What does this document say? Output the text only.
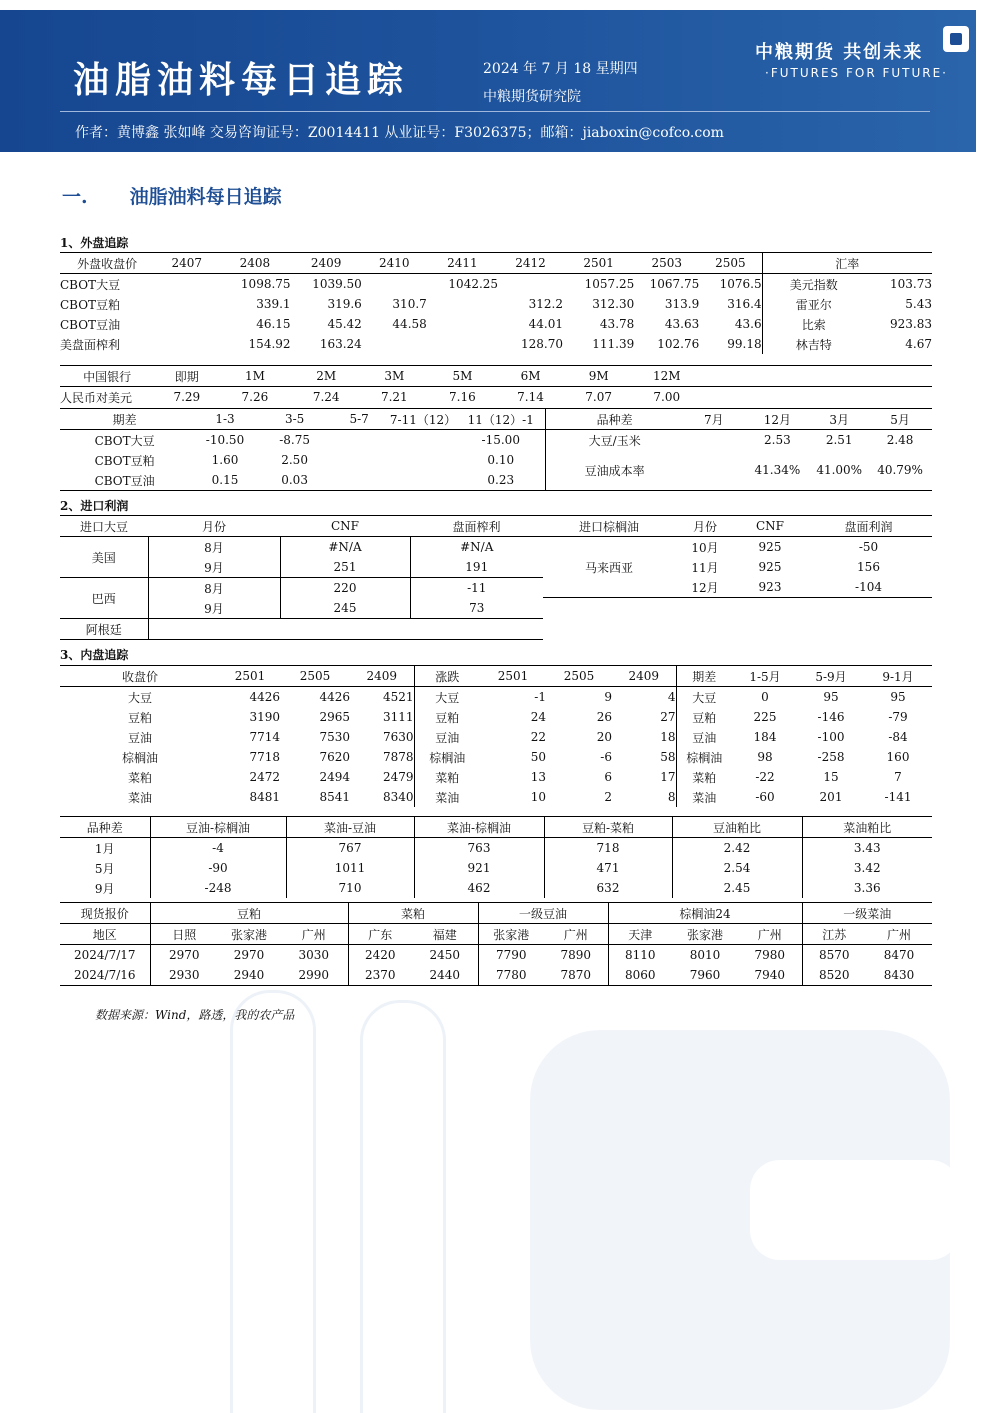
油脂油料每日追踪	2024 年 7 月 18 星期四
中粮期货研究院
中粮期货 共创未来
·FUTURES FOR FUTURE·
作者：黄博鑫 张如峰 交易咨询证号：Z0014411 从业证号：F3026375；邮箱：jiaboxin@cofco.com
一. 油脂油料每日追踪
1、外盘追踪
外盘收盘价	2407	2408	2409	2410	2411	2412	2501	2503	2505	汇率	
CBOT大豆		1098.75	1039.50		1042.25		1057.25	1067.75	1076.5	美元指数	103.73
CBOT豆粕		339.1	319.6	310.7		312.2	312.30	313.9	316.4	雷亚尔	5.43
CBOT豆油		46.15	45.42	44.58		44.01	43.78	43.63	43.6	比索	923.83
美盘面榨利		154.92	163.24			128.70	111.39	102.76	99.18	林吉特	4.67
中国银行	即期	1M	2M	3M	5M	6M	9M	12M	
人民币对美元	7.29	7.26	7.24	7.21	7.16	7.14	7.07	7.00	
期差	1-3	3-5	5-7	7-11（12）	11（12）-1	品种差	7月	12月	3月	5月
CBOT大豆	-10.50	-8.75			-15.00	大豆/玉米		2.53	2.51	2.48
CBOT豆粕	1.60	2.50			0.10	豆油成本率		41.34%	41.00%	40.79%
CBOT豆油	0.15	0.03			0.23					
2、进口利润
进口大豆	月份	CNF	盘面榨利
美国	8月	#N/A	#N/A
	9月	251	191
巴西	8月	220	-11
	9月	245	73
阿根廷			
进口棕榈油	月份	CNF	盘面利润
马来西亚	10月	925	-50
	11月	925	156
	12月	923	-104
3、内盘追踪
收盘价	2501	2505	2409	涨跌	2501	2505	2409	期差	1-5月	5-9月	9-1月
大豆	4426	4426	4521	大豆	-1	9	4	大豆	0	95	95
豆粕	3190	2965	3111	豆粕	24	26	27	豆粕	225	-146	-79
豆油	7714	7530	7630	豆油	22	20	18	豆油	184	-100	-84
棕榈油	7718	7620	7878	棕榈油	50	-6	58	棕榈油	98	-258	160
菜粕	2472	2494	2479	菜粕	13	6	17	菜粕	-22	15	7
菜油	8481	8541	8340	菜油	10	2	8	菜油	-60	201	-141
品种差	豆油-棕榈油	菜油-豆油	菜油-棕榈油	豆粕-菜粕	豆油粕比	菜油粕比
1月	-4	767	763	718	2.42	3.43
5月	-90	1011	921	471	2.54	3.42
9月	-248	710	462	632	2.45	3.36
现货报价	豆粕			菜粕		一级豆油		棕榈油24			一级菜油	
地区	日照	张家港	广州	广东	福建	张家港	广州	天津	张家港	广州	江苏	广州
2024/7/17	2970	2970	3030	2420	2450	7790	7890	8110	8010	7980	8570	8470
2024/7/16	2930	2940	2990	2370	2440	7780	7870	8060	7960	7940	8520	8430
数据来源：Wind，路透，我的农产品
